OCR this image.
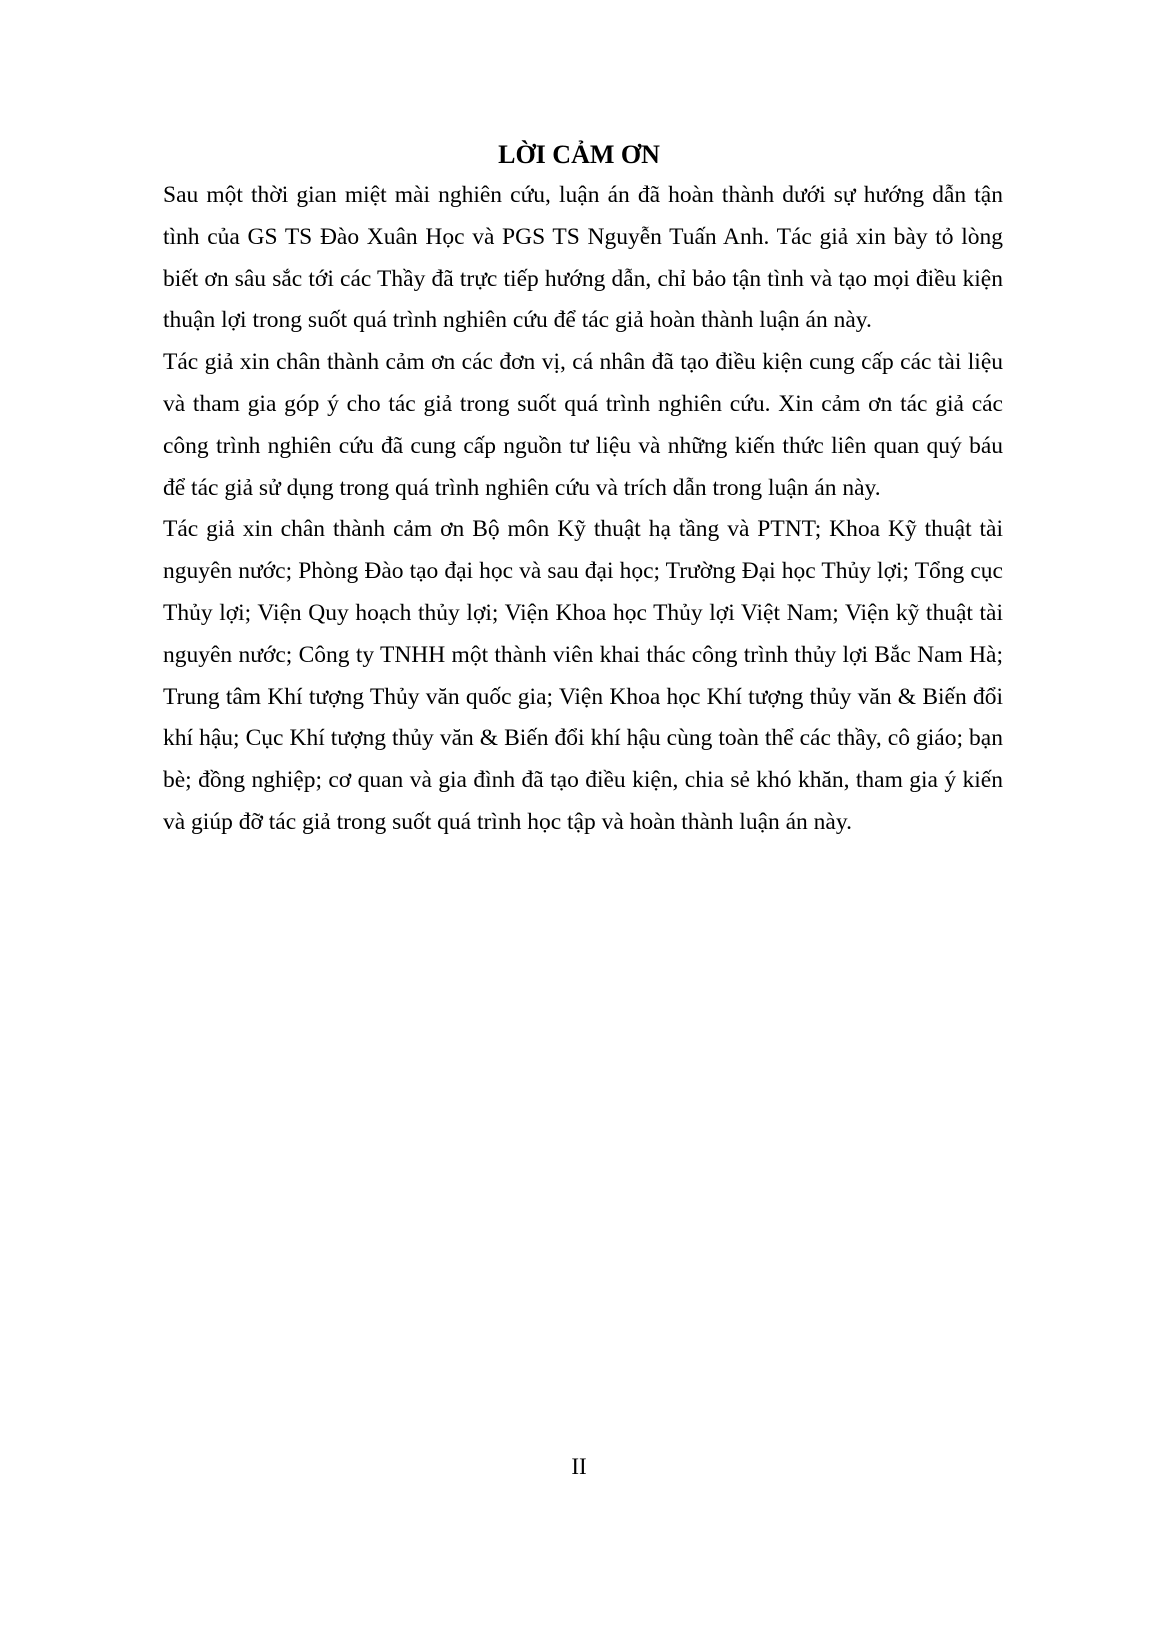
LỜI CẢM ƠN

Sau một thời gian miệt mài nghiên cứu, luận án đã hoàn thành dưới sự hướng dẫn tận tình của GS TS Đào Xuân Học và PGS TS Nguyễn Tuấn Anh. Tác giả xin bày tỏ lòng biết ơn sâu sắc tới các Thầy đã trực tiếp hướng dẫn, chỉ bảo tận tình và tạo mọi điều kiện thuận lợi trong suốt quá trình nghiên cứu để tác giả hoàn thành luận án này.

Tác giả xin chân thành cảm ơn các đơn vị, cá nhân đã tạo điều kiện cung cấp các tài liệu và tham gia góp ý cho tác giả trong suốt quá trình nghiên cứu. Xin cảm ơn tác giả các công trình nghiên cứu đã cung cấp nguồn tư liệu và những kiến thức liên quan quý báu để tác giả sử dụng trong quá trình nghiên cứu và trích dẫn trong luận án này.

Tác giả xin chân thành cảm ơn Bộ môn Kỹ thuật hạ tầng và PTNT; Khoa Kỹ thuật tài nguyên nước; Phòng Đào tạo đại học và sau đại học; Trường Đại học Thủy lợi; Tổng cục Thủy lợi; Viện Quy hoạch thủy lợi; Viện Khoa học Thủy lợi Việt Nam; Viện kỹ thuật tài nguyên nước; Công ty TNHH một thành viên khai thác công trình thủy lợi Bắc Nam Hà; Trung tâm Khí tượng Thủy văn quốc gia; Viện Khoa học Khí tượng thủy văn & Biến đổi khí hậu; Cục Khí tượng thủy văn & Biến đổi khí hậu cùng toàn thể các thầy, cô giáo; bạn bè; đồng nghiệp; cơ quan và gia đình đã tạo điều kiện, chia sẻ khó khăn, tham gia ý kiến và giúp đỡ tác giả trong suốt quá trình học tập và hoàn thành luận án này.

II
